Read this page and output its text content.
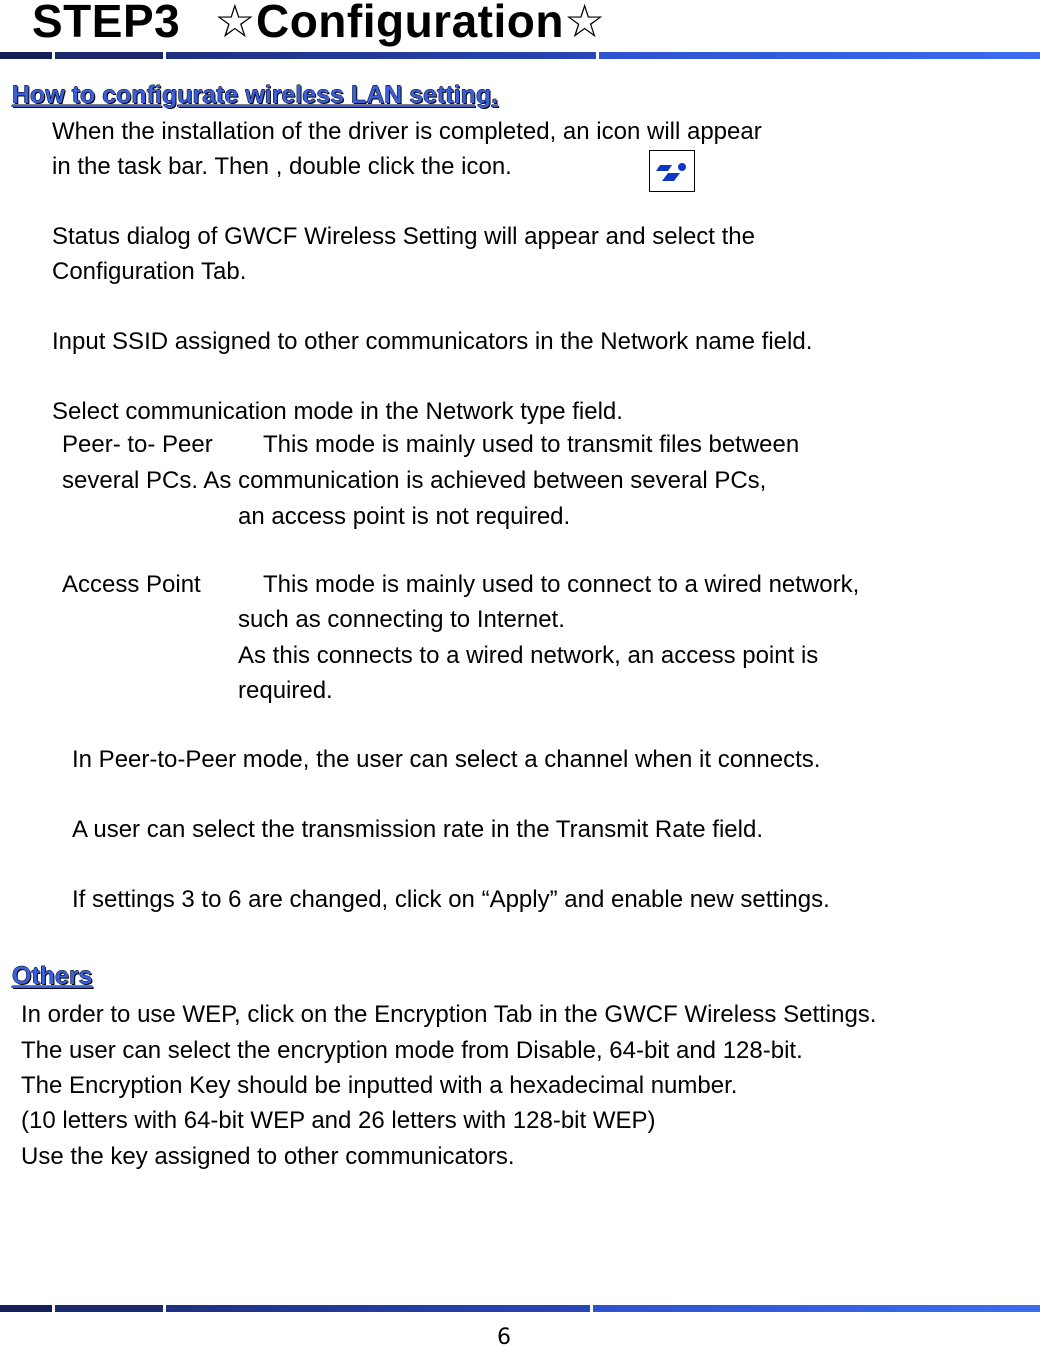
STEP3 ☆Configuration☆
How to configurate wireless LAN setting.
When the installation of the driver is completed, an icon will appear
in the task bar. Then , double click the icon.
Status dialog of GWCF Wireless Setting will appear and select the
Configuration Tab.
Input SSID assigned to other communicators in the Network name field.
Select communication mode in the Network type field.
Peer- to- Peer This mode is mainly used to transmit files between
several PCs. As communication is achieved between several PCs,
an access point is not required.
Access Point	This mode is mainly used to connect to a wired network,
such as connecting to Internet.
As this connects to a wired network, an access point is
required.
In Peer-to-Peer mode, the user can select a channel when it connects.
A user can select the transmission rate in the Transmit Rate field.
If settings 3 to 6 are changed, click on “Apply” and enable new settings.
Others
In order to use WEP, click on the Encryption Tab in the GWCF Wireless Settings.
The user can select the encryption mode from Disable, 64-bit and 128-bit.
The Encryption Key should be inputted with a hexadecimal number.
(10 letters with 64-bit WEP and 26 letters with 128-bit WEP)
Use the key assigned to other communicators.
6
